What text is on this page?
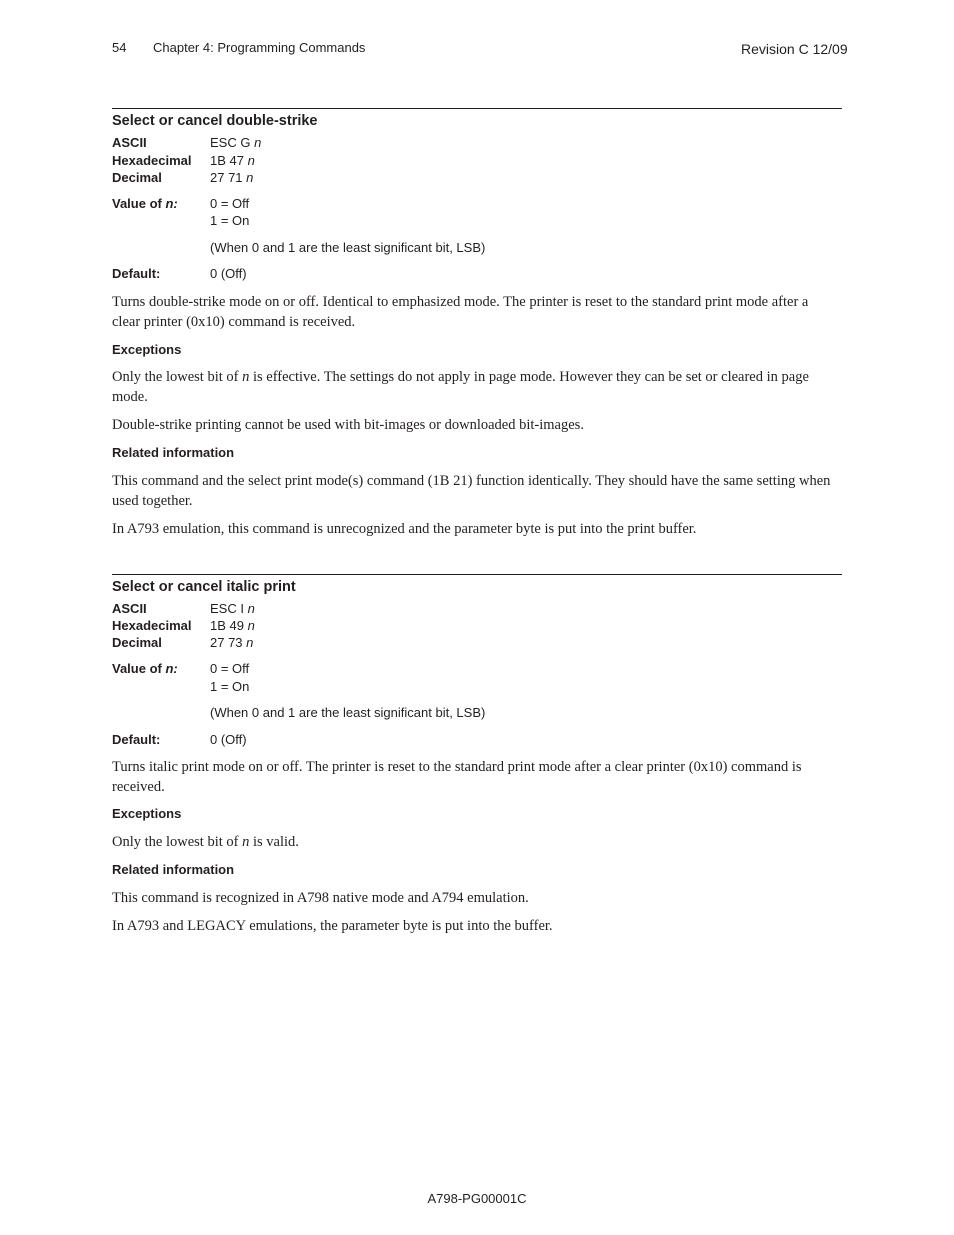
54 Chapter 4: Programming Commands	Revision C 12/09
Select or cancel double-strike
ASCII	ESC G n
Hexadecimal 1B 47 n
Decimal	27 71 n
Value of n: 0 = Off
1 = On
(When 0 and 1 are the least significant bit, LSB)
Default:	0 (Off)
Turns double-strike mode on or off. Identical to emphasized mode. The printer is reset to the standard print mode after a clear printer (0x10) command is received.
Exceptions
Only the lowest bit of n is effective. The settings do not apply in page mode. However they can be set or cleared in page mode.
Double-strike printing cannot be used with bit-images or downloaded bit-images.
Related information
This command and the select print mode(s) command (1B 21) function identically. They should have the same setting when used together.
In A793 emulation, this command is unrecognized and the parameter byte is put into the print buffer.
Select or cancel italic print
ASCII	ESC I n
Hexadecimal 1B 49 n
Decimal	27 73 n
Value of n: 0 = Off
1 = On
(When 0 and 1 are the least significant bit, LSB)
Default:	0 (Off)
Turns italic print mode on or off. The printer is reset to the standard print mode after a clear printer (0x10) command is received.
Exceptions
Only the lowest bit of n is valid.
Related information
This command is recognized in A798 native mode and A794 emulation.
In A793 and LEGACY emulations, the parameter byte is put into the buffer.
A798-PG00001C
